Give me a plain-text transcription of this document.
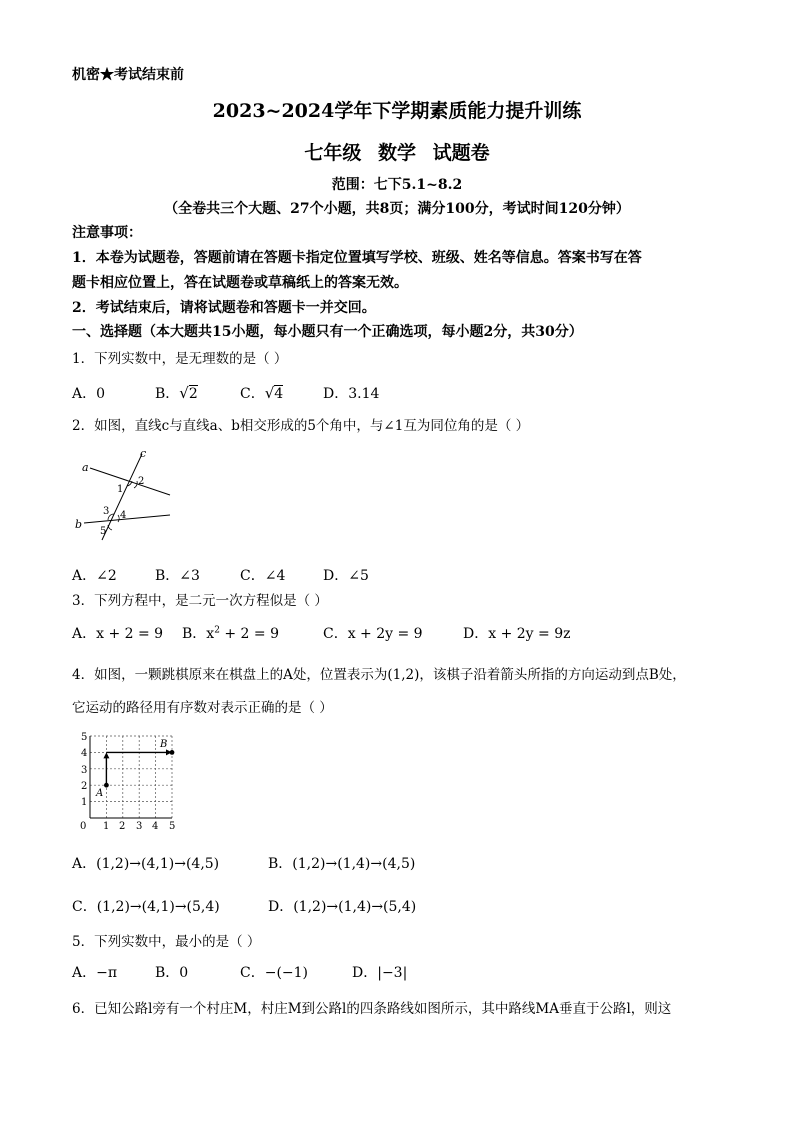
机密★考试结束前
2023~2024学年下学期素质能力提升训练
七年级 数学 试题卷
范围：七下5.1~8.2
（全卷共三个大题、27个小题，共8页；满分100分，考试时间120分钟）
注意事项：
1．本卷为试题卷，答题前请在答题卡指定位置填写学校、班级、姓名等信息。答案书写在答
题卡相应位置上，答在试题卷或草稿纸上的答案无效。
2．考试结束后，请将试题卷和答题卡一并交回。
一、选择题（本大题共15小题，每小题只有一个正确选项，每小题2分，共30分）
1．下列实数中，是无理数的是（ ）
A．0	B．√2	C．√4	D．3.14
2．如图，直线c与直线a、b相交形成的5个角中，与∠1互为同位角的是（ ）
a
b
c
1
2
3 4
5
A．∠2	B．∠3	C．∠4	D．∠5
3．下列方程中，是二元一次方程似是（ ）
A．x + 2 = 9 B．$x^2 + 2 = 9$	C．x + 2y = 9	D．x + 2y = 9z
4．如图，一颗跳棋原来在棋盘上的A处，位置表示为(1,2)，该棋子沿着箭头所指的方向运动到点B处，
它运动的路径用有序数对表示正确的是（ ）
A
B
0 1 2 3 4 5
1
2
3
4
5
A．(1,2)→(4,1)→(4,5)	B．(1,2)→(1,4)→(4,5)
C．(1,2)→(4,1)→(5,4)	D．(1,2)→(1,4)→(5,4)
5．下列实数中，最小的是（ ）
A．−π	B．0	C．−(−1)	D．|−3|
6．已知公路l旁有一个村庄M，村庄M到公路l的四条路线如图所示，其中路线MA垂直于公路l，则这
